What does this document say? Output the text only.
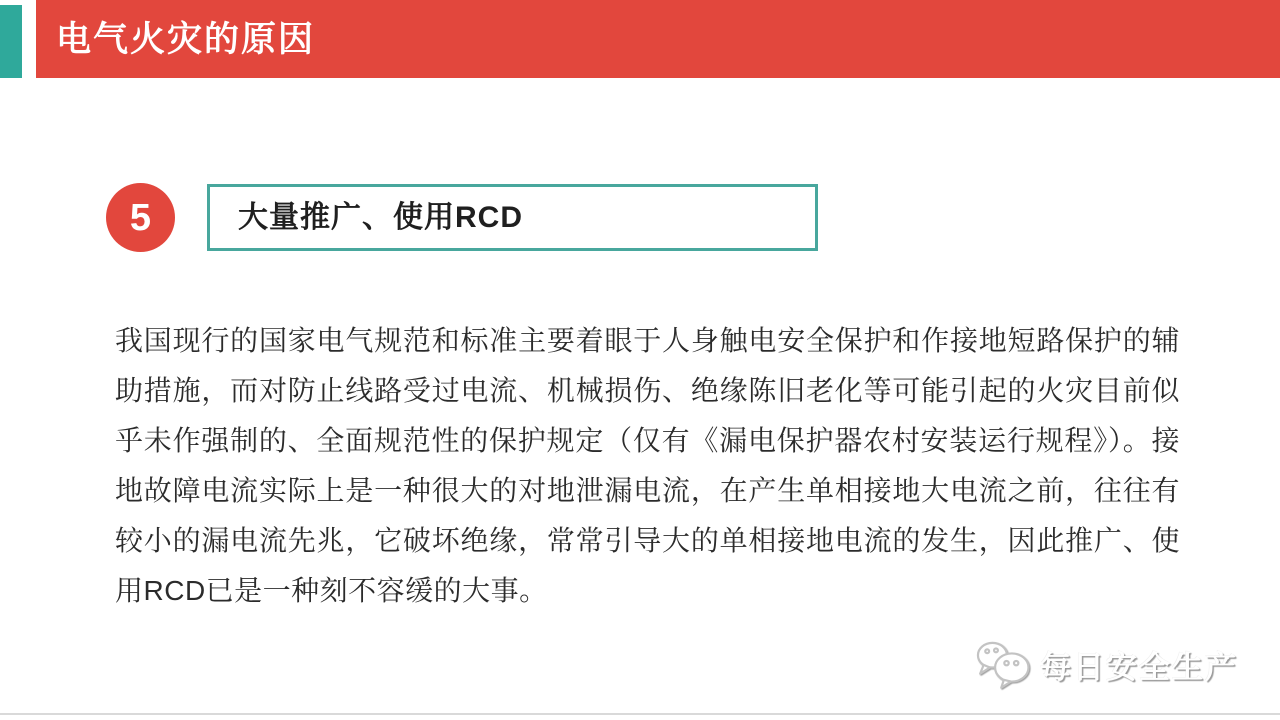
电气火灾的原因
5	大量推广、使用RCD

我国现行的国家电气规范和标准主要着眼于人身触电安全保护和作接地短路保护的辅助措施，而对防止线路受过电流、机械损伤、绝缘陈旧老化等可能引起的火灾目前似乎未作强制的、全面规范性的保护规定（仅有《漏电保护器农村安装运行规程》）。接地故障电流实际上是一种很大的对地泄漏电流，在产生单相接地大电流之前，往往有较小的漏电流先兆，它破坏绝缘，常常引导大的单相接地电流的发生，因此推广、使用RCD已是一种刻不容缓的大事。

每日安全生产
